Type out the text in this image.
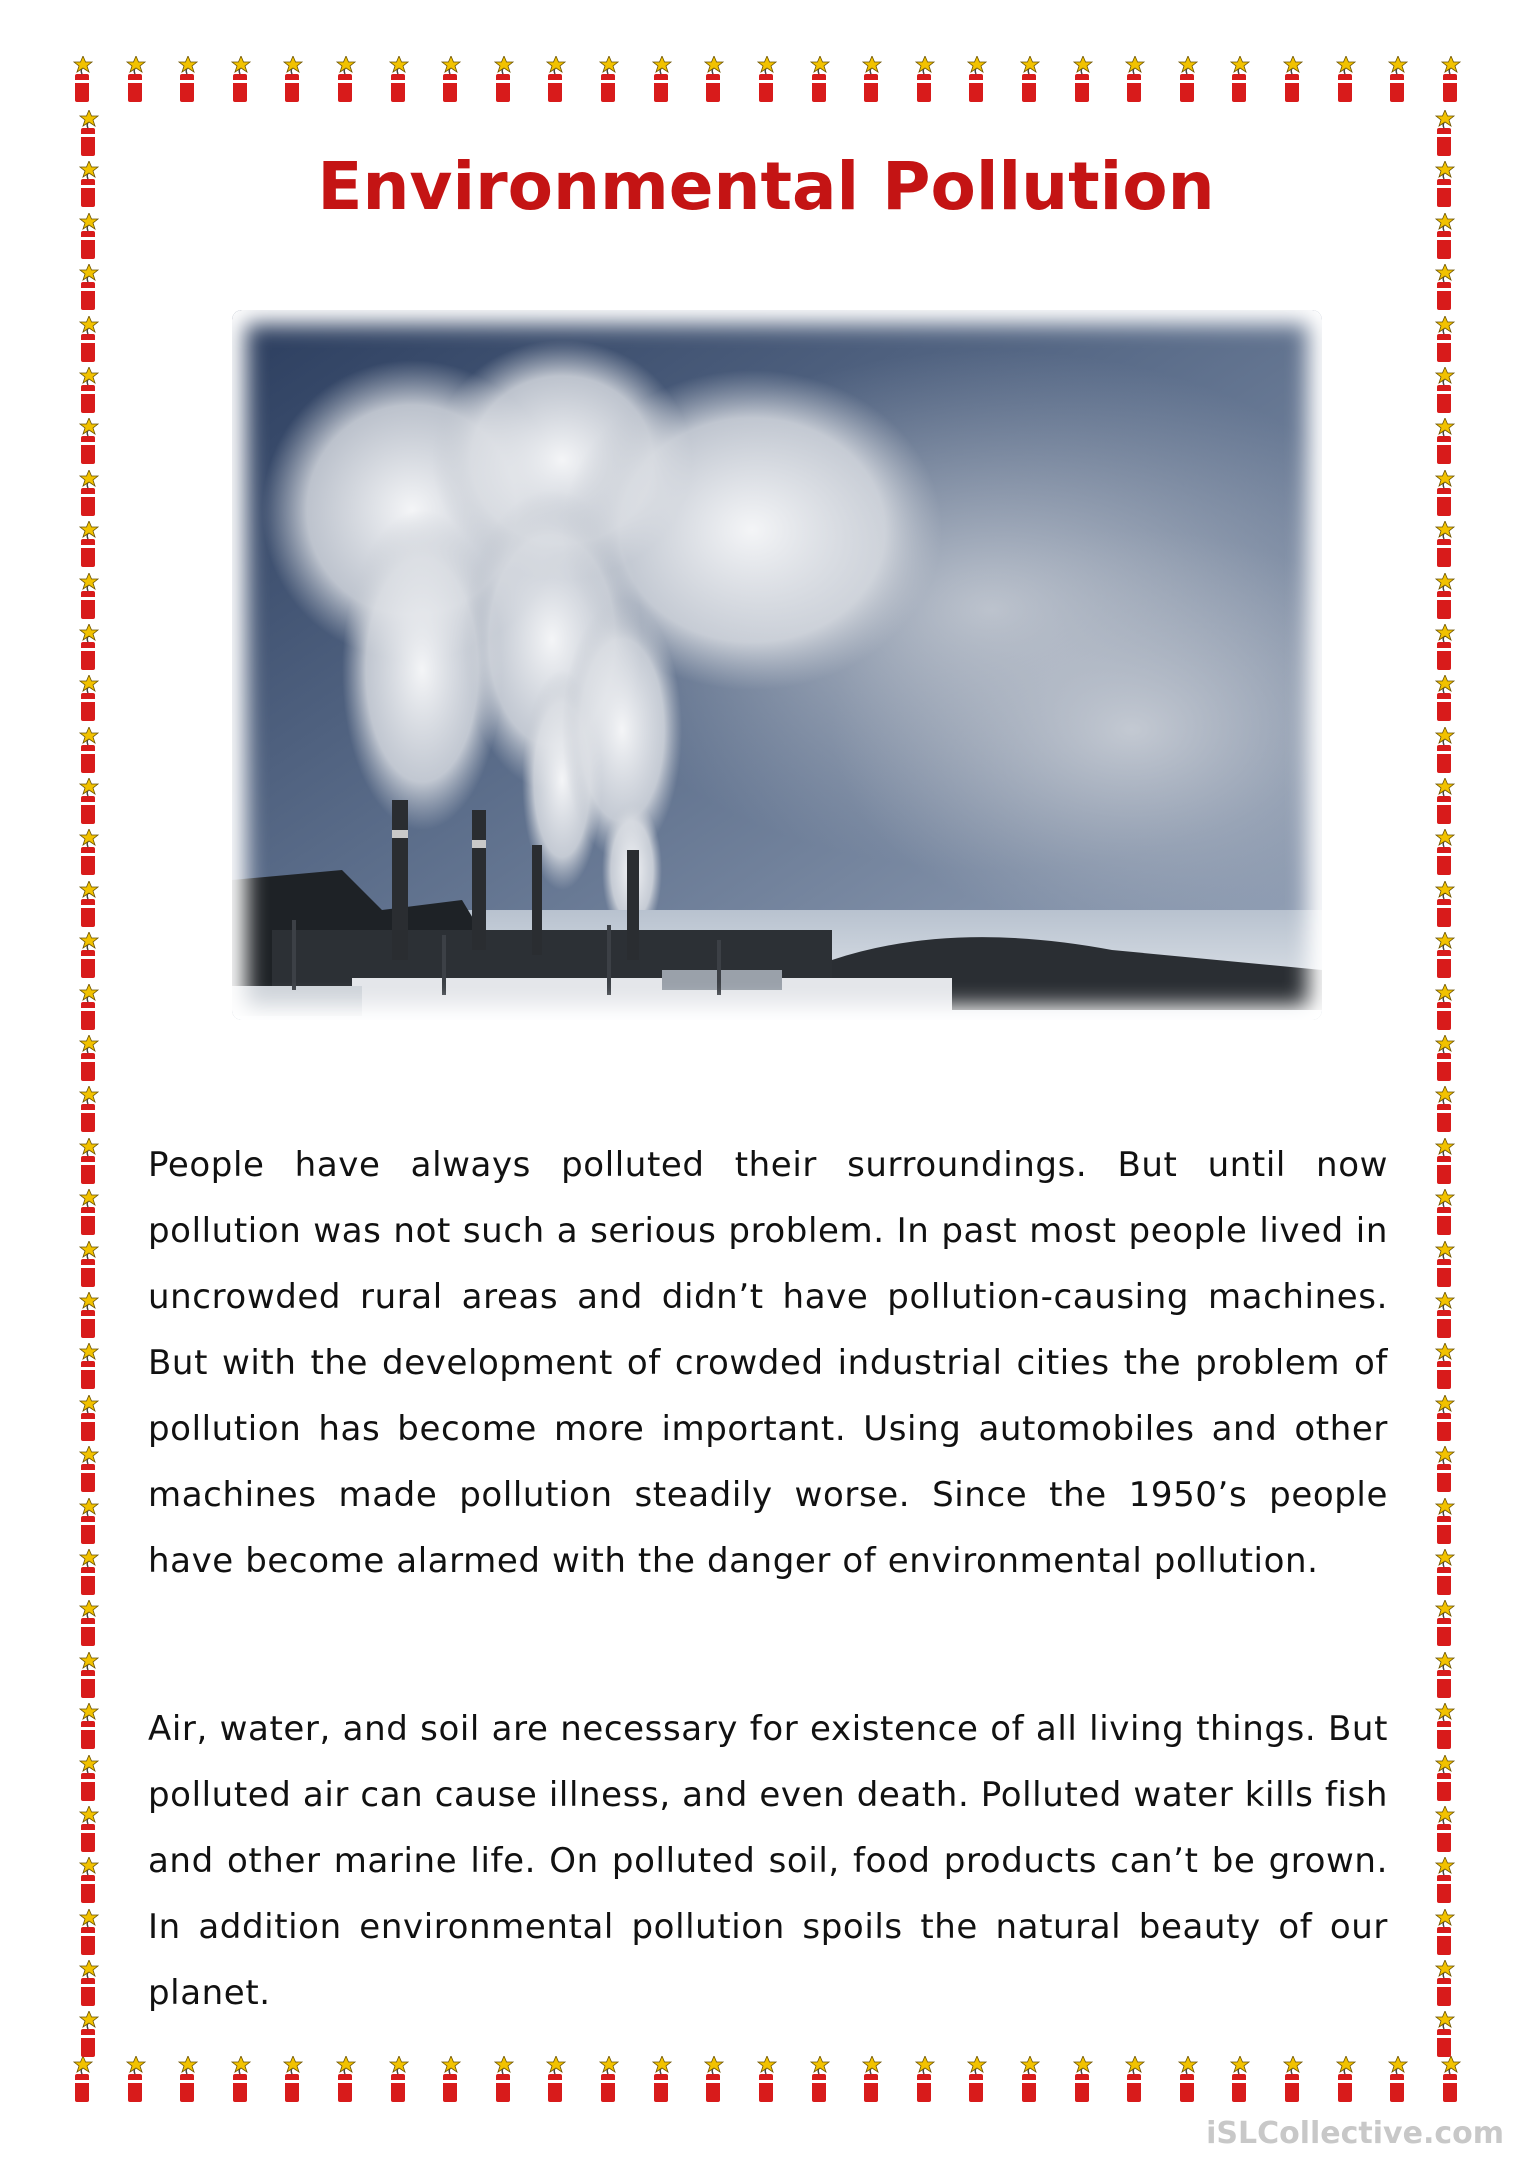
Environmental Pollution

People have always polluted their surroundings. But until now pollution was not such a serious problem. In past most people lived in uncrowded rural areas and didn’t have pollution-causing machines. But with the development of crowded industrial cities the problem of pollution has become more important. Using automobiles and other machines made pollution steadily worse. Since the 1950’s people have become alarmed with the danger of environmental pollution.

Air, water, and soil are necessary for existence of all living things. But polluted air can cause illness, and even death. Polluted water kills fish and other marine life. On polluted soil, food products can’t be grown. In addition environmental pollution spoils the natural beauty of our planet.

iSLCollective.com
